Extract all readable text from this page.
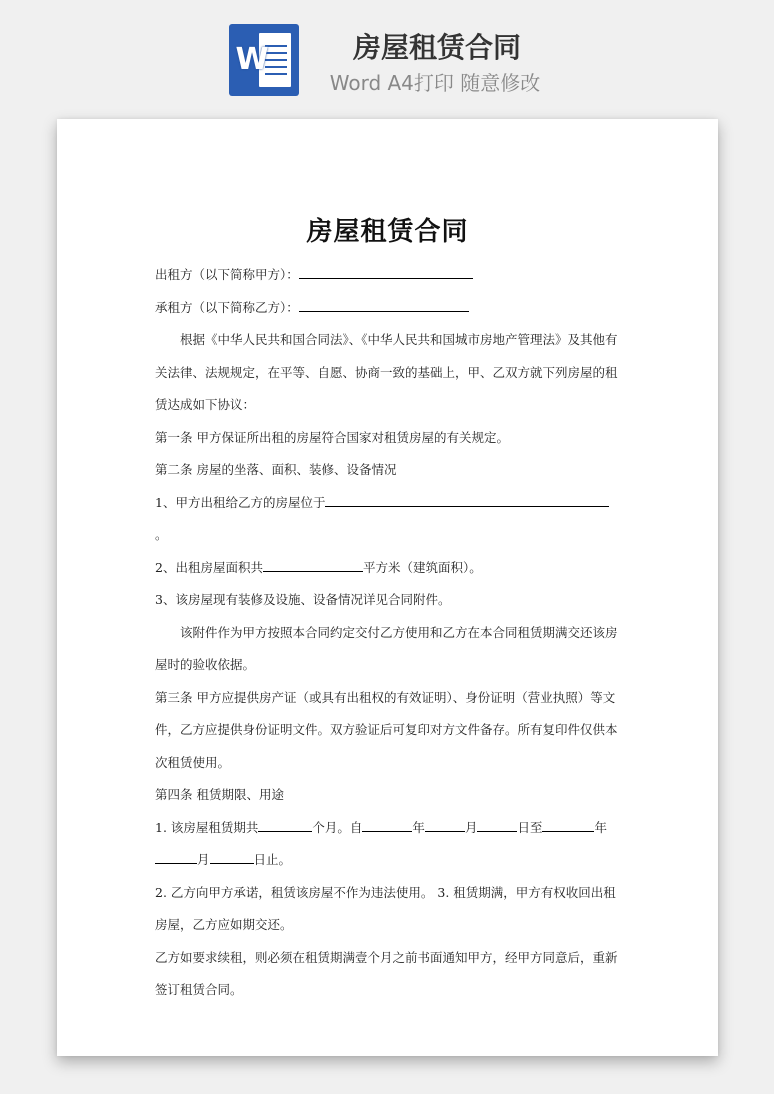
W	房屋租赁合同
Word A4打印 随意修改
房屋租赁合同

出租方（以下简称甲方）：

承租方（以下简称乙方）：

根据《中华人民共和国合同法》、《中华人民共和国城市房地产管理法》及其他有关法律、法规规定，在平等、自愿、协商一致的基础上，甲、乙双方就下列房屋的租赁达成如下协议：

第一条 甲方保证所出租的房屋符合国家对租赁房屋的有关规定。

第二条 房屋的坐落、面积、装修、设备情况

1、甲方出租给乙方的房屋位于。

2、出租房屋面积共	平方米（建筑面积）。

3、该房屋现有装修及设施、设备情况详见合同附件。

该附件作为甲方按照本合同约定交付乙方使用和乙方在本合同租赁期满交还该房屋时的验收依据。

第三条 甲方应提供房产证（或具有出租权的有效证明）、身份证明（营业执照）等文件，乙方应提供身份证明文件。双方验证后可复印对方文件备存。所有复印件仅供本次租赁使用。

第四条 租赁期限、用途

1. 该房屋租赁期共	个月。自	年	月	日至	年
月	日止。

2. 乙方向甲方承诺，租赁该房屋不作为违法使用。 3. 租赁期满，甲方有权收回出租房屋，乙方应如期交还。

乙方如要求续租，则必须在租赁期满壹个月之前书面通知甲方，经甲方同意后，重新签订租赁合同。
